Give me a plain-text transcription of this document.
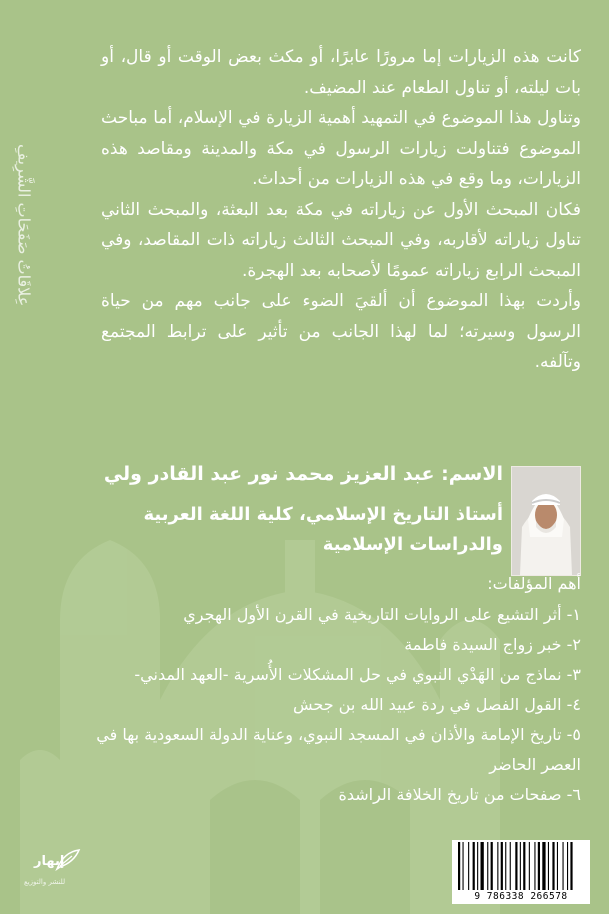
عِلاقَاتُ صَفَحَاتِ الشَّرِيفِ

كانت هذه الزيارات إما مرورًا عابرًا، أو مكث بعض الوقت أو قال، أو بات ليلته، أو تناول الطعام عند المضيف.

وتناول هذا الموضوع في التمهيد أهمية الزيارة في الإسلام، أما مباحث الموضوع فتناولت زيارات الرسول في مكة والمدينة ومقاصد هذه الزيارات، وما وقع في هذه الزيارات من أحداث.

فكان المبحث الأول عن زياراته في مكة بعد البعثة، والمبحث الثاني تناول زياراته لأقاربه، وفي المبحث الثالث زياراته ذات المقاصد، وفي المبحث الرابع زياراته عمومًا لأصحابه بعد الهجرة.

وأردت بهذا الموضوع أن ألقيَ الضوء على جانب مهم من حياة الرسول وسيرته؛ لما لهذا الجانب من تأثير على ترابط المجتمع وتآلفه.

الاسم: عبد العزيز محمد نور عبد القادر ولي
أستاذ التاريخ الإسلامي، كلية اللغة العربية والدراسات الإسلامية
أهم المؤلفات:
١- أثر التشيع على الروايات التاريخية في القرن الأول الهجري
٢- خبر زواج السيدة فاطمة
٣- نماذج من الهَدْي النبوي في حل المشكلات الأُسرية -العهد المدني-
٤- القول الفصل في ردة عبيد الله بن جحش
٥- تاريخ الإمامة والأذان في المسجد النبوي، وعناية الدولة السعودية بها في العصر الحاضر
٦- صفحات من تاريخ الخلافة الراشدة
إبهار
للنشر والتوزيع
9 786338 266578
